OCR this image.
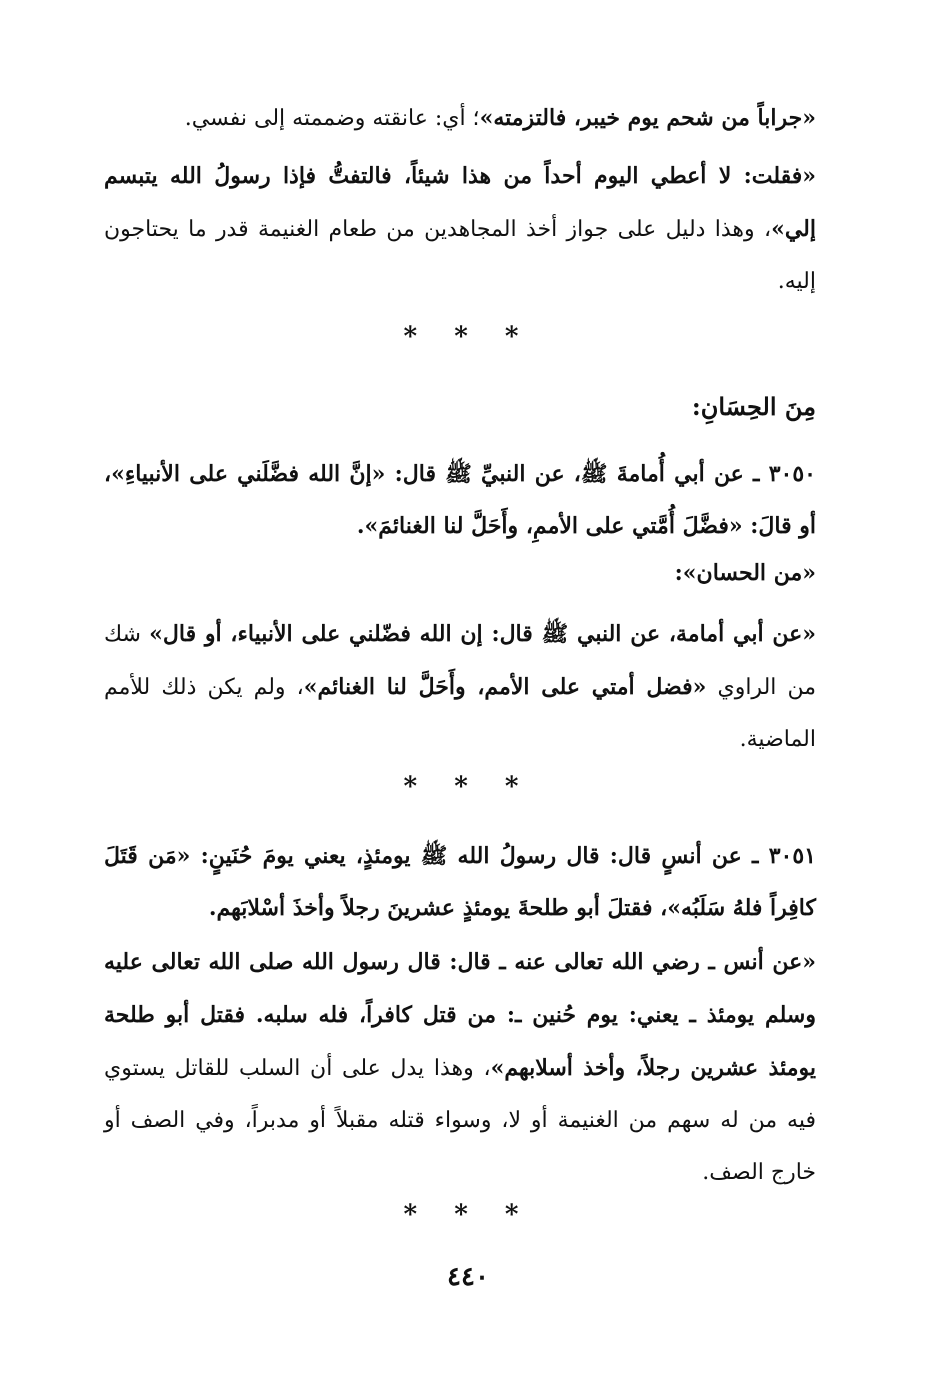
«جراباً من شحم يوم خيبر، فالتزمته»؛ أي: عانقته وضممته إلى نفسي.
«فقلت: لا أعطي اليوم أحداً من هذا شيئاً، فالتفتُّ فإذا رسولُ الله يتبسم إلي»، وهذا دليل على جواز أخذ المجاهدين من طعام الغنيمة قدر ما يحتاجون إليه.
* * *
مِنَ الحِسَانِ:
٣٠٥٠ ـ عن أبي أُمامةَ ﷺ، عن النبيِّ ﷺ قال: «إنَّ الله فضَّلَني على الأنبياءِ»، أو قالَ: «فضَّلَ أُمَّتي على الأممِ، وأَحَلَّ لنا الغنائمَ».
«من الحسان»:
«عن أبي أمامة، عن النبي ﷺ قال: إن الله فضّلني على الأنبياء، أو قال» شك من الراوي «فضل أمتي على الأمم، وأَحَلَّ لنا الغنائم»، ولم يكن ذلك للأمم الماضية.
* * *
٣٠٥١ ـ عن أنسٍ قال: قال رسولُ الله ﷺ يومئذٍ، يعني يومَ حُنَينٍ: «مَن قَتَلَ كافِراً فلهُ سَلَبُه»، فقتلَ أبو طلحةَ يومئذٍ عشرينَ رجلاً وأخذَ أسْلابَهم.
«عن أنس ـ رضي الله تعالى عنه ـ قال: قال رسول الله صلى الله تعالى عليه وسلم يومئذ ـ يعني: يوم حُنين ـ: من قتل كافراً، فله سلبه. فقتل أبو طلحة يومئذ عشرين رجلاً، وأخذ أسلابهم»، وهذا يدل على أن السلب للقاتل يستوي فيه من له سهم من الغنيمة أو لا، وسواء قتله مقبلاً أو مدبراً، وفي الصف أو خارج الصف.
* * *
٤٤٠
